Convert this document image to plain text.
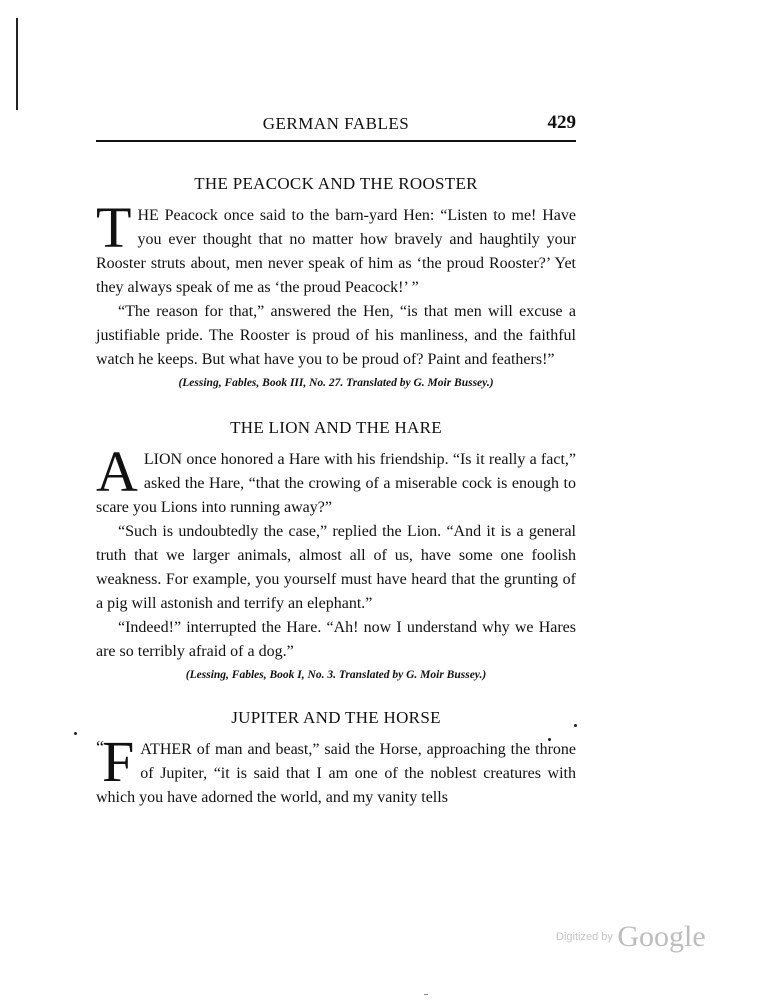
GERMAN FABLES	429
THE PEACOCK AND THE ROOSTER

T HE Peacock once said to the barn-yard Hen: “Listen to me! Have you ever thought that no matter how bravely and haughtily your Rooster struts about, men never speak of him as ‘the proud Rooster?’ Yet they always speak of me as ‘the proud Peacock!’ ”

“The reason for that,” answered the Hen, “is that men will excuse a justifiable pride. The Rooster is proud of his manliness, and the faithful watch he keeps. But what have you to be proud of? Paint and feathers!”

(Lessing, Fables, Book III, No. 27. Translated by G. Moir Bussey.)
THE LION AND THE HARE

A LION once honored a Hare with his friendship. “Is it really a fact,” asked the Hare, “that the crowing of a miserable cock is enough to scare you Lions into running away?”

“Such is undoubtedly the case,” replied the Lion. “And it is a general truth that we larger animals, almost all of us, have some one foolish weakness. For example, you yourself must have heard that the grunting of a pig will astonish and terrify an elephant.”

“Indeed!” interrupted the Hare. “Ah! now I understand why we Hares are so terribly afraid of a dog.”

(Lessing, Fables, Book I, No. 3. Translated by G. Moir Bussey.)
JUPITER AND THE HORSE

“
F ATHER of man and beast,” said the Horse, approaching the throne of Jupiter, “it is said that I am one of the noblest creatures with which you have adorned the world, and my vanity tells

Digitized by Google
